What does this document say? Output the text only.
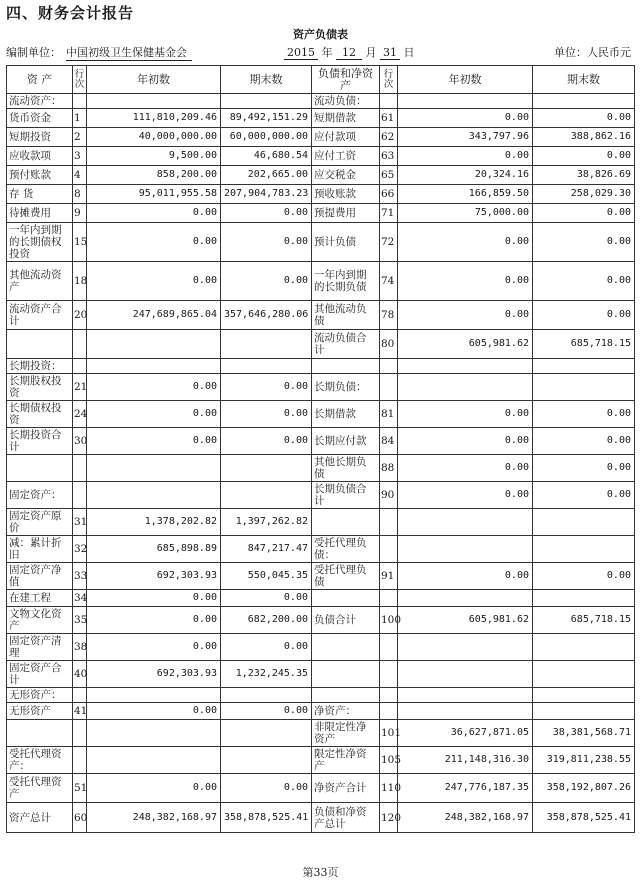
四、财务会计报告
资产负债表
编制单位： 中国初级卫生保健基金会	2015 年 12 月 31 日	单位：人民币元
资 产	行次	年初数	期末数	负债和净资产	行次	年初数	期末数
流动资产：				流动负债：			
货币资金	1	111,810,209.46	89,492,151.29	短期借款	61	0.00	0.00
短期投资	2	40,000,000.00	60,000,000.00	应付款项	62	343,797.96	388,862.16
应收款项	3	9,500.00	46,680.54	应付工资	63	0.00	0.00
预付账款	4	858,200.00	202,665.00	应交税金	65	20,324.16	38,826.69
存 货	8	95,011,955.58	207,904,783.23	预收账款	66	166,859.50	258,029.30
待摊费用	9	0.00	0.00	预提费用	71	75,000.00	0.00
一年内到期的长期债权投资	15	0.00	0.00	预计负债	72	0.00	0.00
其他流动资产	18	0.00	0.00	一年内到期的长期负债	74	0.00	0.00
流动资产合计	20	247,689,865.04	357,646,280.06	其他流动负债	78	0.00	0.00
				流动负债合计	80	605,981.62	685,718.15
长期投资：							
长期股权投资	21	0.00	0.00	长期负债：			
长期债权投资	24	0.00	0.00	长期借款	81	0.00	0.00
长期投资合计	30	0.00	0.00	长期应付款	84	0.00	0.00
				其他长期负债	88	0.00	0.00
固定资产：				长期负债合计	90	0.00	0.00
固定资产原价	31	1,378,202.82	1,397,262.82				
减：累计折旧	32	685,898.89	847,217.47	受托代理负债：			
固定资产净值	33	692,303.93	550,045.35	受托代理负债	91	0.00	0.00
在建工程	34	0.00	0.00				
文物文化资产	35	0.00	682,200.00	负债合计	100	605,981.62	685,718.15
固定资产清理	38	0.00	0.00				
固定资产合计	40	692,303.93	1,232,245.35				
无形资产：							
无形资产	41	0.00	0.00	净资产：			
				非限定性净资产	101	36,627,871.05	38,381,568.71
受托代理资产：				限定性净资产	105	211,148,316.30	319,811,238.55
受托代理资产	51	0.00	0.00	净资产合计	110	247,776,187.35	358,192,807.26
资产总计	60	248,382,168.97	358,878,525.41	负债和净资产总计	120	248,382,168.97	358,878,525.41
第33页
